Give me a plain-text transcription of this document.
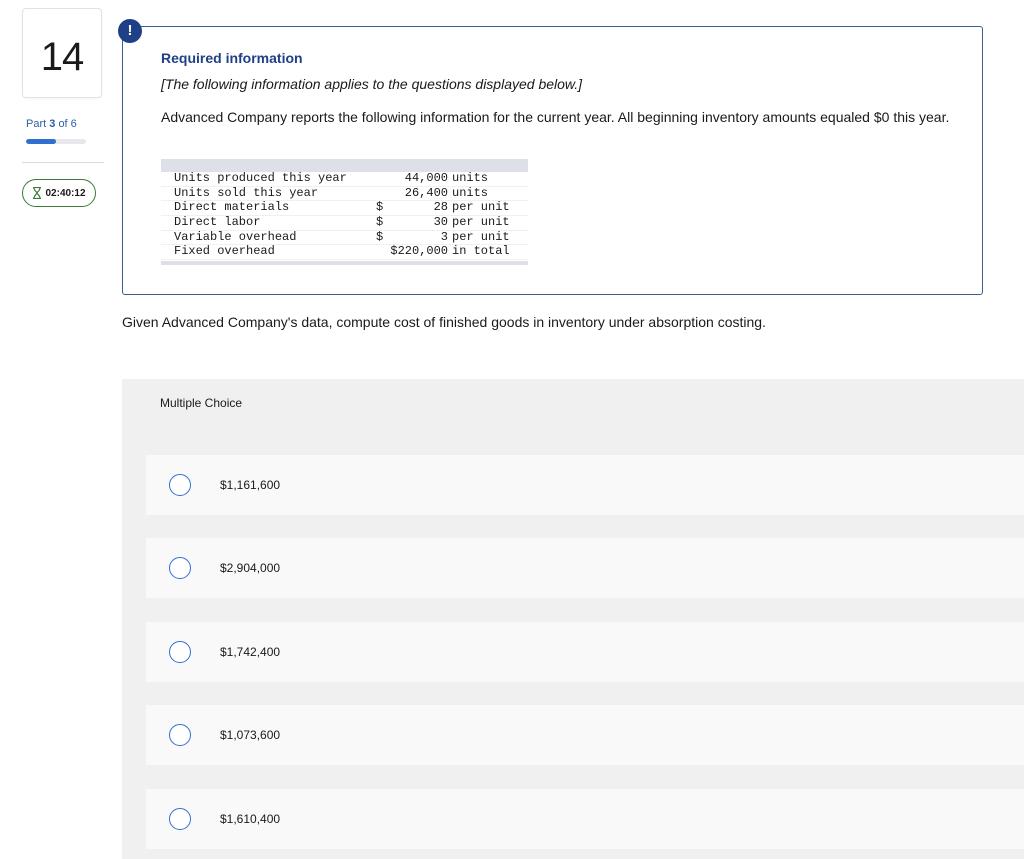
14
Part 3 of 6
02:40:12
Required information
[The following information applies to the questions displayed below.]
Advanced Company reports the following information for the current year. All beginning inventory amounts equaled $0 this year.
Units produced this year	44,000 units
Units sold this year	26,400 units
Direct materials	$	28 per unit
Direct labor	$	30 per unit
Variable overhead	$	3 per unit
Fixed overhead	$220,000 in total
!
Given Advanced Company's data, compute cost of finished goods in inventory under absorption costing.
Multiple Choice
$1,161,600
$2,904,000
$1,742,400
$1,073,600
$1,610,400
